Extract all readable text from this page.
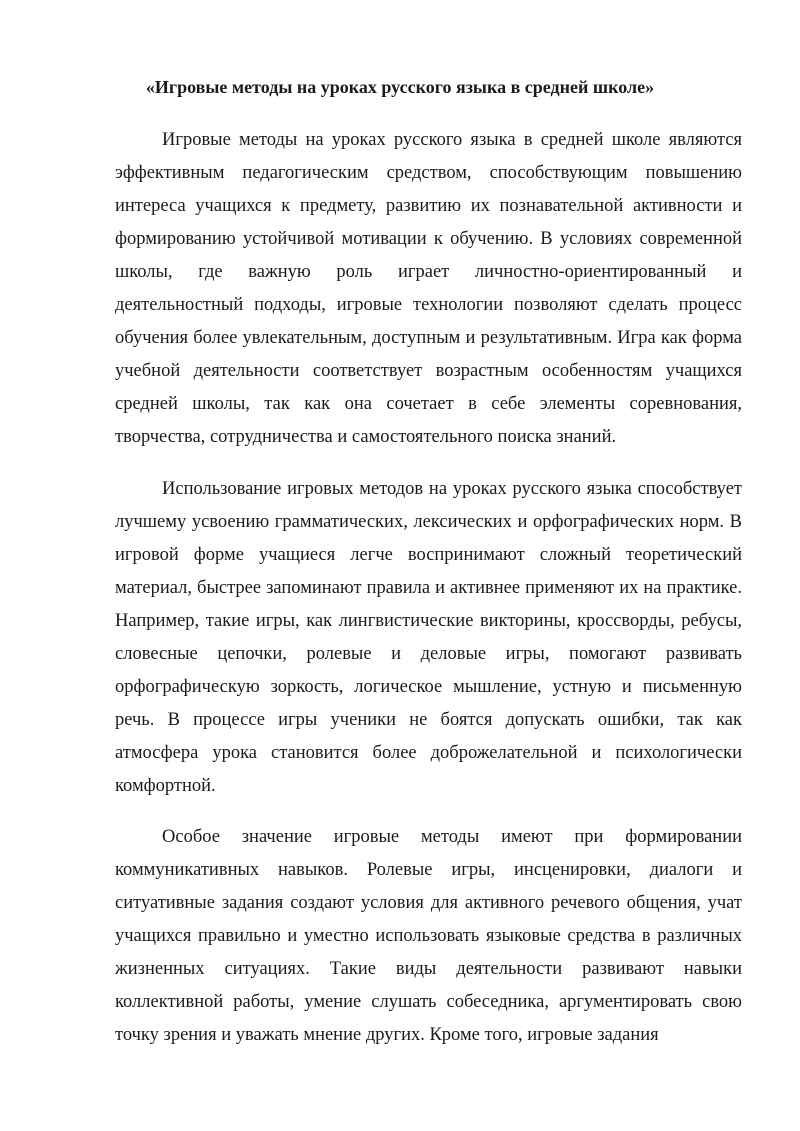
«Игровые методы на уроках русского языка в средней школе»

Игровые методы на уроках русского языка в средней школе являются эффективным педагогическим средством, способствующим повышению интереса учащихся к предмету, развитию их познавательной активности и формированию устойчивой мотивации к обучению. В условиях современной школы, где важную роль играет личностно-ориентированный и деятельностный подходы, игровые технологии позволяют сделать процесс обучения более увлекательным, доступным и результативным. Игра как форма учебной деятельности соответствует возрастным особенностям учащихся средней школы, так как она сочетает в себе элементы соревнования, творчества, сотрудничества и самостоятельного поиска знаний.

Использование игровых методов на уроках русского языка способствует лучшему усвоению грамматических, лексических и орфографических норм. В игровой форме учащиеся легче воспринимают сложный теоретический материал, быстрее запоминают правила и активнее применяют их на практике. Например, такие игры, как лингвистические викторины, кроссворды, ребусы, словесные цепочки, ролевые и деловые игры, помогают развивать орфографическую зоркость, логическое мышление, устную и письменную речь. В процессе игры ученики не боятся допускать ошибки, так как атмосфера урока становится более доброжелательной и психологически комфортной.

Особое значение игровые методы имеют при формировании коммуникативных навыков. Ролевые игры, инсценировки, диалоги и ситуативные задания создают условия для активного речевого общения, учат учащихся правильно и уместно использовать языковые средства в различных жизненных ситуациях. Такие виды деятельности развивают навыки коллективной работы, умение слушать собеседника, аргументировать свою точку зрения и уважать мнение других. Кроме того, игровые задания
